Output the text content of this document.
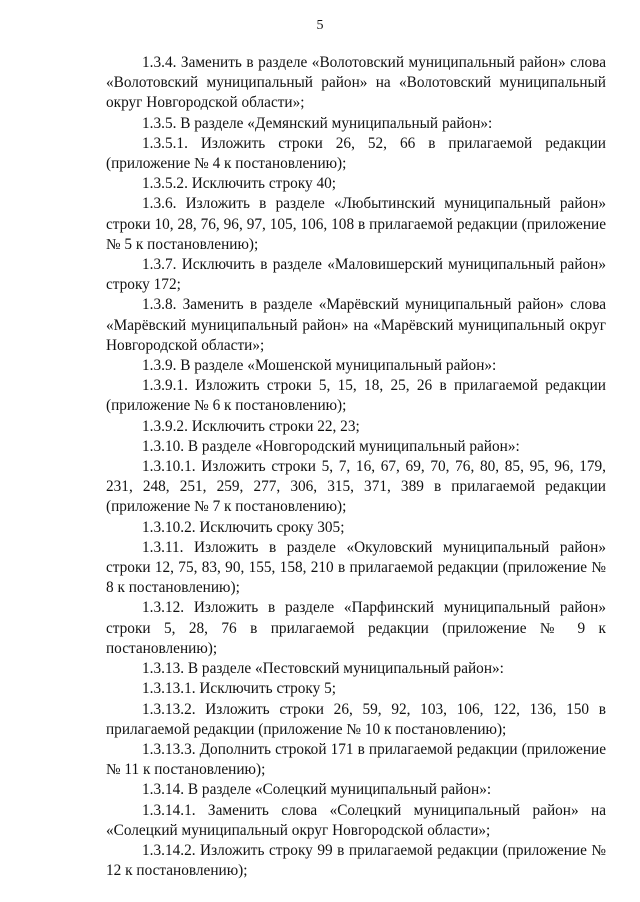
5

1.3.4. Заменить в разделе «Волотовский муниципальный район» слова «Волотовский муниципальный район» на «Волотовский муниципальный округ Новгородской области»;

1.3.5. В разделе «Демянский муниципальный район»:

1.3.5.1. Изложить строки 26, 52, 66 в прилагаемой редакции (приложение № 4 к постановлению);

1.3.5.2. Исключить строку 40;

1.3.6. Изложить в разделе «Любытинский муниципальный район» строки 10, 28, 76, 96, 97, 105, 106, 108 в прилагаемой редакции (приложение № 5 к постановлению);

1.3.7. Исключить в разделе «Маловишерский муниципальный район» строку 172;

1.3.8. Заменить в разделе «Марёвский муниципальный район» слова «Марёвский муниципальный район» на «Марёвский муниципальный округ Новгородской области»;

1.3.9. В разделе «Мошенской муниципальный район»:

1.3.9.1. Изложить строки 5, 15, 18, 25, 26 в прилагаемой редакции (приложение № 6 к постановлению);

1.3.9.2. Исключить строки 22, 23;

1.3.10. В разделе «Новгородский муниципальный район»:

1.3.10.1. Изложить строки 5, 7, 16, 67, 69, 70, 76, 80, 85, 95, 96, 179, 231, 248, 251, 259, 277, 306, 315, 371, 389 в прилагаемой редакции (приложение № 7 к постановлению);

1.3.10.2. Исключить сроку 305;

1.3.11. Изложить в разделе «Окуловский муниципальный район» строки 12, 75, 83, 90, 155, 158, 210 в прилагаемой редакции (приложение № 8 к постановлению);

1.3.12. Изложить в разделе «Парфинский муниципальный район» строки 5, 28, 76 в прилагаемой редакции (приложение № 9 к постановлению);

1.3.13. В разделе «Пестовский муниципальный район»:

1.3.13.1. Исключить строку 5;

1.3.13.2. Изложить строки 26, 59, 92, 103, 106, 122, 136, 150 в прилагаемой редакции (приложение № 10 к постановлению);

1.3.13.3. Дополнить строкой 171 в прилагаемой редакции (приложение № 11 к постановлению);

1.3.14. В разделе «Солецкий муниципальный район»:

1.3.14.1. Заменить слова «Солецкий муниципальный район» на «Солецкий муниципальный округ Новгородской области»;

1.3.14.2. Изложить строку 99 в прилагаемой редакции (приложение № 12 к постановлению);
